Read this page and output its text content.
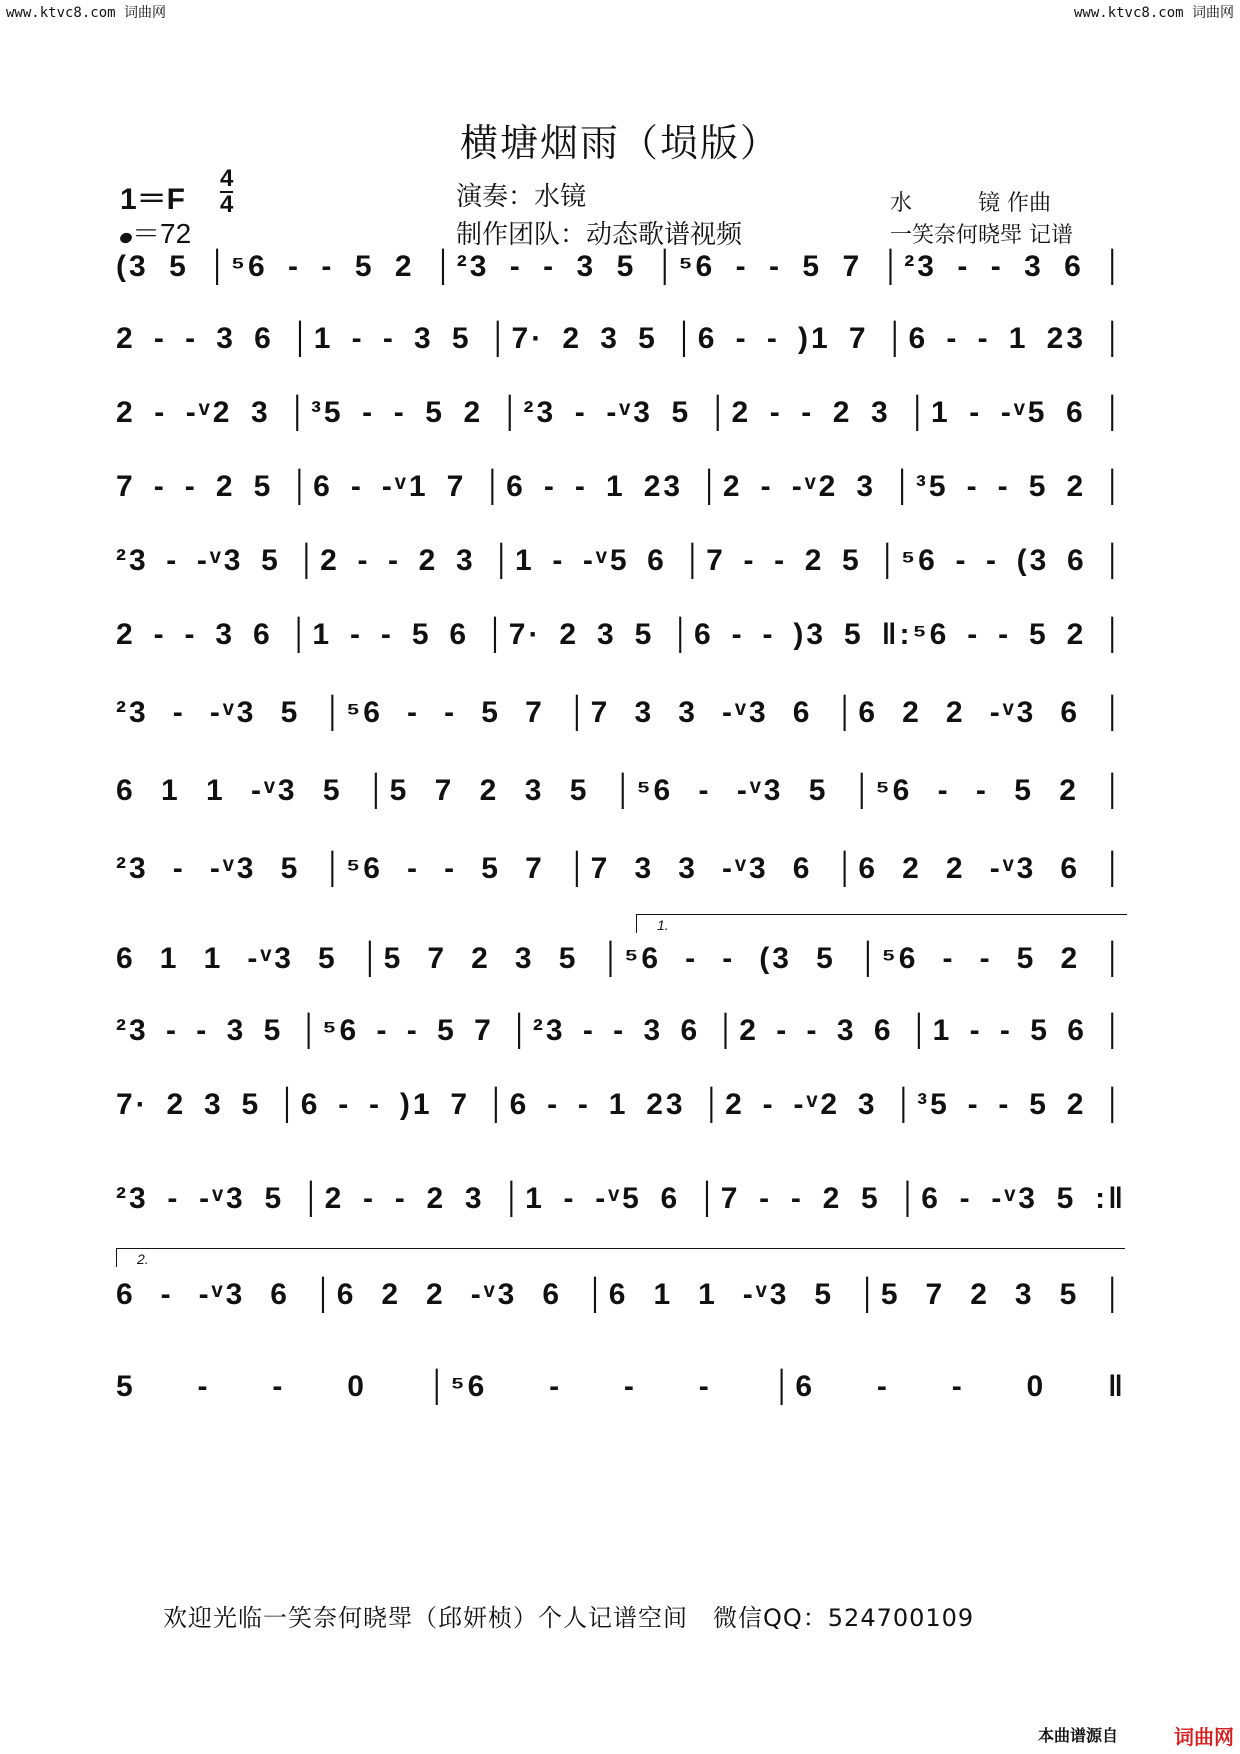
www.ktvc8.com 词曲网	www.ktvc8.com 词曲网
横塘烟雨（埙版）
1＝F
4
4
＝72
演奏：水镜
制作团队：动态歌谱视频
水　　　镜 作曲
一笑奈何晓斝 记谱
(3 5 │⁵6 - - 5 2 │²3 - - 3 5 │⁵6 - - 5 7 │²3 - - 3 6 │
2 - - 3 6 │1 - - 3 5 │7· 2 3 5 │6 - - )1 7 │6 - - 1 23 │
2 - -ᵛ2 3 │³5 - - 5 2 │²3 - -ᵛ3 5 │2 - - 2 3 │1 - -ᵛ5 6 │
7 - - 2 5 │6 - -ᵛ1 7 │6 - - 1 23 │2 - -ᵛ2 3 │³5 - - 5 2 │
²3 - -ᵛ3 5 │2 - - 2 3 │1 - -ᵛ5 6 │7 - - 2 5 │⁵6 - - (3 6 │
2 - - 3 6 │1 - - 5 6 │7· 2 3 5 │6 - - )3 5 ‖:⁵6 - - 5 2 │
²3 - -ᵛ3 5 │⁵6 - - 5 7 │7 3 3 -ᵛ3 6 │6 2 2 -ᵛ3 6 │
6 1 1 -ᵛ3 5 │5 7 2 3 5 │⁵6 - -ᵛ3 5 │⁵6 - - 5 2 │
²3 - -ᵛ3 5 │⁵6 - - 5 7 │7 3 3 -ᵛ3 6 │6 2 2 -ᵛ3 6 │
1.
6 1 1 -ᵛ3 5 │5 7 2 3 5 │⁵6 - - (3 5 │⁵6 - - 5 2 │
²3 - - 3 5 │⁵6 - - 5 7 │²3 - - 3 6 │2 - - 3 6 │1 - - 5 6 │
7· 2 3 5 │6 - - )1 7 │6 - - 1 23 │2 - -ᵛ2 3 │³5 - - 5 2 │
²3 - -ᵛ3 5 │2 - - 2 3 │1 - -ᵛ5 6 │7 - - 2 5 │6 - -ᵛ3 5 :‖
2.
6 - -ᵛ3 6 │6 2 2 -ᵛ3 6 │6 1 1 -ᵛ3 5 │5 7 2 3 5 │
5 - - 0 │⁵6 - - - │6 - - 0 ‖
欢迎光临一笑奈何晓斝（邱妍桢）个人记谱空间　微信QQ：524700109
本曲谱源自	词曲网
